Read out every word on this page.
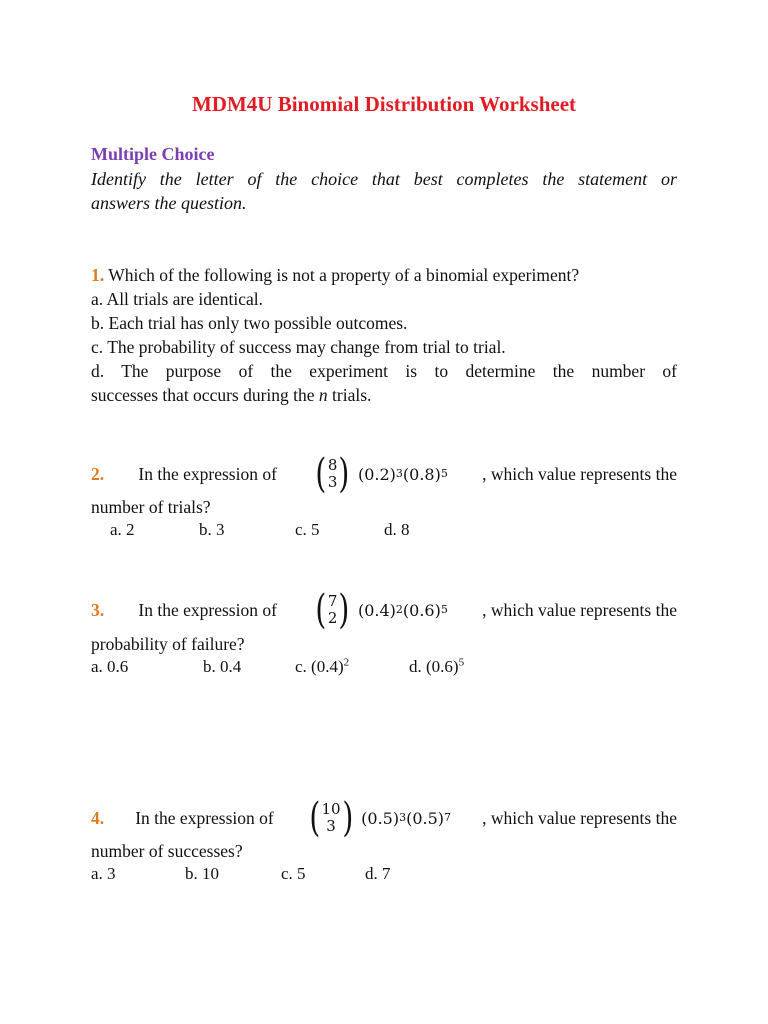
MDM4U Binomial Distribution Worksheet
Multiple Choice
Identify the letter of the choice that best completes the statement or
answers the question.
1. Which of the following is not a property of a binomial experiment?
a. All trials are identical.
b. Each trial has only two possible outcomes.
c. The probability of success may change from trial to trial.
d. The purpose of the experiment is to determine the number of
successes that occurs during the n trials.
2. In the expression of ( 8
3 ) (0.2) 3 (0.8) 5 , which value represents the
number of trials?
a. 2	b. 3	c. 5	d. 8
3. In the expression of ( 7
2 ) (0.4) 2 (0.6) 5 , which value represents the
probability of failure?
a. 0.6	b. 0.4	c. $(0.4)^2$	d. $(0.6)^5$
4. In the expression of ( 10
3 ) (0.5) 3 (0.5) 7 , which value represents the
number of successes?
a. 3	b. 10	c. 5	d. 7
